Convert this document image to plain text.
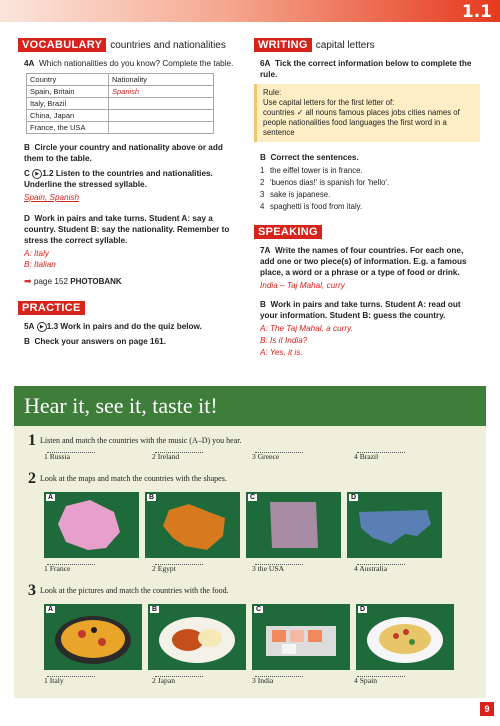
1.1
VOCABULARY countries and nationalities

4A Which nationalities do you know? Complete the table.

Country	Nationality
Spain, Britain	Spanish
Italy, Brazil	
China, Japan	
France, the USA	

B Circle your country and nationality above or add them to the table.

C ▶ 1.2 Listen to the countries and nationalities. Underline the stressed syllable.

Spain, Spanish

D Work in pairs and take turns. Student A: say a country. Student B: say the nationality. Remember to stress the correct syllable.

A: Italy

B: Italian

➡ page 152 PHOTOBANK

PRACTICE

5A ▶ 1.3 Work in pairs and do the quiz below.

B Check your answers on page 161.

WRITING capital letters

6A Tick the correct information below to complete the rule.

Rule:
Use capital letters for the first letter of:
countries ✓ all nouns famous places jobs cities names of people nationalities food languages the first word in a sentence

B Correct the sentences.

1 the eiffel tower is in france.
2 'buenos dias!' is spanish for 'hello'.
3 sake is japanese.
4 spaghetti is food from italy.
SPEAKING

7A Write the names of four countries. For each one, add one or two piece(s) of information. E.g. a famous place, a word or a phrase or a type of food or drink.

India – Taj Mahal, curry

B Work in pairs and take turns. Student A: read out your information. Student B: guess the country.

A: The Taj Mahal, a curry.

B: Is it India?

A: Yes, it is.

Hear it, see it, taste it!
1 Listen and match the countries with the music (A–D) you hear.
1 Russia	2 Ireland	3 Greece	4 Brazil
2 Look at the maps and match the countries with the shapes.
A	B	C	D
1 France	2 Egypt	3 the USA	4 Australia
3 Look at the pictures and match the countries with the food.
A	B	C	D
1 Italy	2 Japan	3 India	4 Spain
9
